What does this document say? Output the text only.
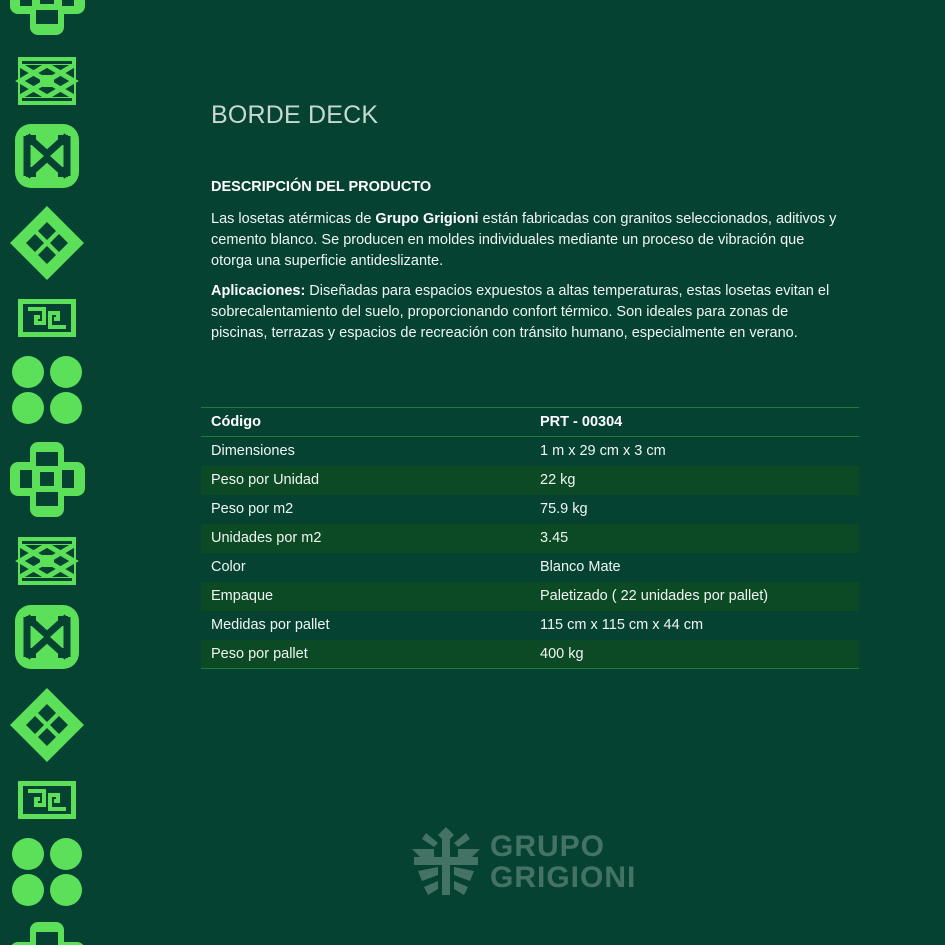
BORDE DECK
DESCRIPCIÓN DEL PRODUCTO

Las losetas atérmicas de Grupo Grigioni están fabricadas con granitos seleccionados, aditivos y cemento blanco. Se producen en moldes individuales mediante un proceso de vibración que otorga una superficie antideslizante.

Aplicaciones: Diseñadas para espacios expuestos a altas temperaturas, estas losetas evitan el sobrecalentamiento del suelo, proporcionando confort térmico. Son ideales para zonas de piscinas, terrazas y espacios de recreación con tránsito humano, especialmente en verano.

Código	PRT - 00304
Dimensiones	1 m x 29 cm x 3 cm
Peso por Unidad	22 kg
Peso por m2	75.9 kg
Unidades por m2	3.45
Color	Blanco Mate
Empaque	Paletizado ( 22 unidades por pallet)
Medidas por pallet	115 cm x 115 cm x 44 cm
Peso por pallet	400 kg
GRUPO
GRIGIONI
